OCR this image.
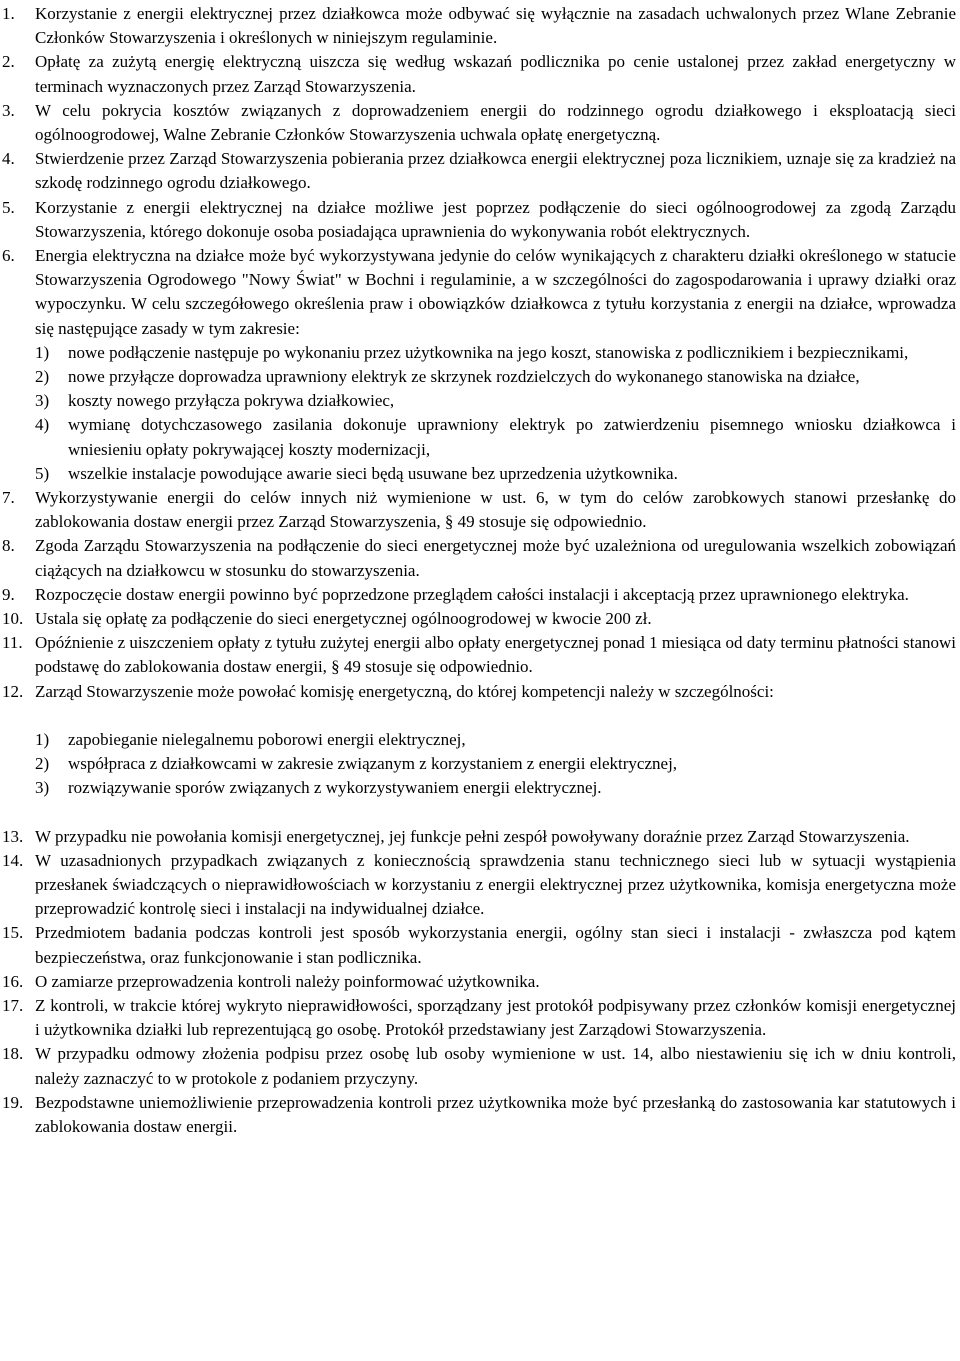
1. Korzystanie z energii elektrycznej przez działkowca może odbywać się wyłącznie na zasadach uchwalonych przez Wlane Zebranie Członków Stowarzyszenia i określonych w niniejszym regulaminie.
2. Opłatę za zużytą energię elektryczną uiszcza się według wskazań podlicznika po cenie ustalonej przez zakład energetyczny w terminach wyznaczonych przez Zarząd Stowarzyszenia.
3. W celu pokrycia kosztów związanych z doprowadzeniem energii do rodzinnego ogrodu działkowego i eksploatacją sieci ogólnoogrodowej, Walne Zebranie Członków Stowarzyszenia uchwala opłatę energetyczną.
4. Stwierdzenie przez Zarząd Stowarzyszenia pobierania przez działkowca energii elektrycznej poza licznikiem, uznaje się za kradzież na szkodę rodzinnego ogrodu działkowego.
5. Korzystanie z energii elektrycznej na działce możliwe jest poprzez podłączenie do sieci ogólnoogrodowej za zgodą Zarządu Stowarzyszenia, którego dokonuje osoba posiadająca uprawnienia do wykonywania robót elektrycznych.
6. Energia elektryczna na działce może być wykorzystywana jedynie do celów wynikających z charakteru działki określonego w statucie Stowarzyszenia Ogrodowego "Nowy Świat" w Bochni i regulaminie, a w szczególności do zagospodarowania i uprawy działki oraz wypoczynku. W celu szczegółowego określenia praw i obowiązków działkowca z tytułu korzystania z energii na działce, wprowadza się następujące zasady w tym zakresie:
1) nowe podłączenie następuje po wykonaniu przez użytkownika na jego koszt, stanowiska z podlicznikiem i bezpiecznikami,
2) nowe przyłącze doprowadza uprawniony elektryk ze skrzynek rozdzielczych do wykonanego stanowiska na działce,
3) koszty nowego przyłącza pokrywa działkowiec,
4) wymianę dotychczasowego zasilania dokonuje uprawniony elektryk po zatwierdzeniu pisemnego wniosku działkowca i wniesieniu opłaty pokrywającej koszty modernizacji,
5) wszelkie instalacje powodujące awarie sieci będą usuwane bez uprzedzenia użytkownika.
7. Wykorzystywanie energii do celów innych niż wymienione w ust. 6, w tym do celów zarobkowych stanowi przesłankę do zablokowania dostaw energii przez Zarząd Stowarzyszenia, § 49 stosuje się odpowiednio.
8. Zgoda Zarządu Stowarzyszenia na podłączenie do sieci energetycznej może być uzależniona od uregulowania wszelkich zobowiązań ciążących na działkowcu w stosunku do stowarzyszenia.
9. Rozpoczęcie dostaw energii powinno być poprzedzone przeglądem całości instalacji i akceptacją przez uprawnionego elektryka.
10. Ustala się opłatę za podłączenie do sieci energetycznej ogólnoogrodowej w kwocie 200 zł.
11. Opóźnienie z uiszczeniem opłaty z tytułu zużytej energii albo opłaty energetycznej ponad 1 miesiąca od daty terminu płatności stanowi podstawę do zablokowania dostaw energii, § 49 stosuje się odpowiednio.
12. Zarząd Stowarzyszenie może powołać komisję energetyczną, do której kompetencji należy w szczególności:
1) zapobieganie nielegalnemu poborowi energii elektrycznej,
2) współpraca z działkowcami w zakresie związanym z korzystaniem z energii elektrycznej,
3) rozwiązywanie sporów związanych z wykorzystywaniem energii elektrycznej.
13. W przypadku nie powołania komisji energetycznej, jej funkcje pełni zespół powoływany doraźnie przez Zarząd Stowarzyszenia.
14. W uzasadnionych przypadkach związanych z koniecznością sprawdzenia stanu technicznego sieci lub w sytuacji wystąpienia przesłanek świadczących o nieprawidłowościach w korzystaniu z energii elektrycznej przez użytkownika, komisja energetyczna może przeprowadzić kontrolę sieci i instalacji na indywidualnej działce.
15. Przedmiotem badania podczas kontroli jest sposób wykorzystania energii, ogólny stan sieci i instalacji - zwłaszcza pod kątem bezpieczeństwa, oraz funkcjonowanie i stan podlicznika.
16. O zamiarze przeprowadzenia kontroli należy poinformować użytkownika.
17. Z kontroli, w trakcie której wykryto nieprawidłowości, sporządzany jest protokół podpisywany przez członków komisji energetycznej i użytkownika działki lub reprezentującą go osobę. Protokół przedstawiany jest Zarządowi Stowarzyszenia.
18. W przypadku odmowy złożenia podpisu przez osobę lub osoby wymienione w ust. 14, albo niestawieniu się ich w dniu kontroli, należy zaznaczyć to w protokole z podaniem przyczyny.
19. Bezpodstawne uniemożliwienie przeprowadzenia kontroli przez użytkownika może być przesłanką do zastosowania kar statutowych i zablokowania dostaw energii.
